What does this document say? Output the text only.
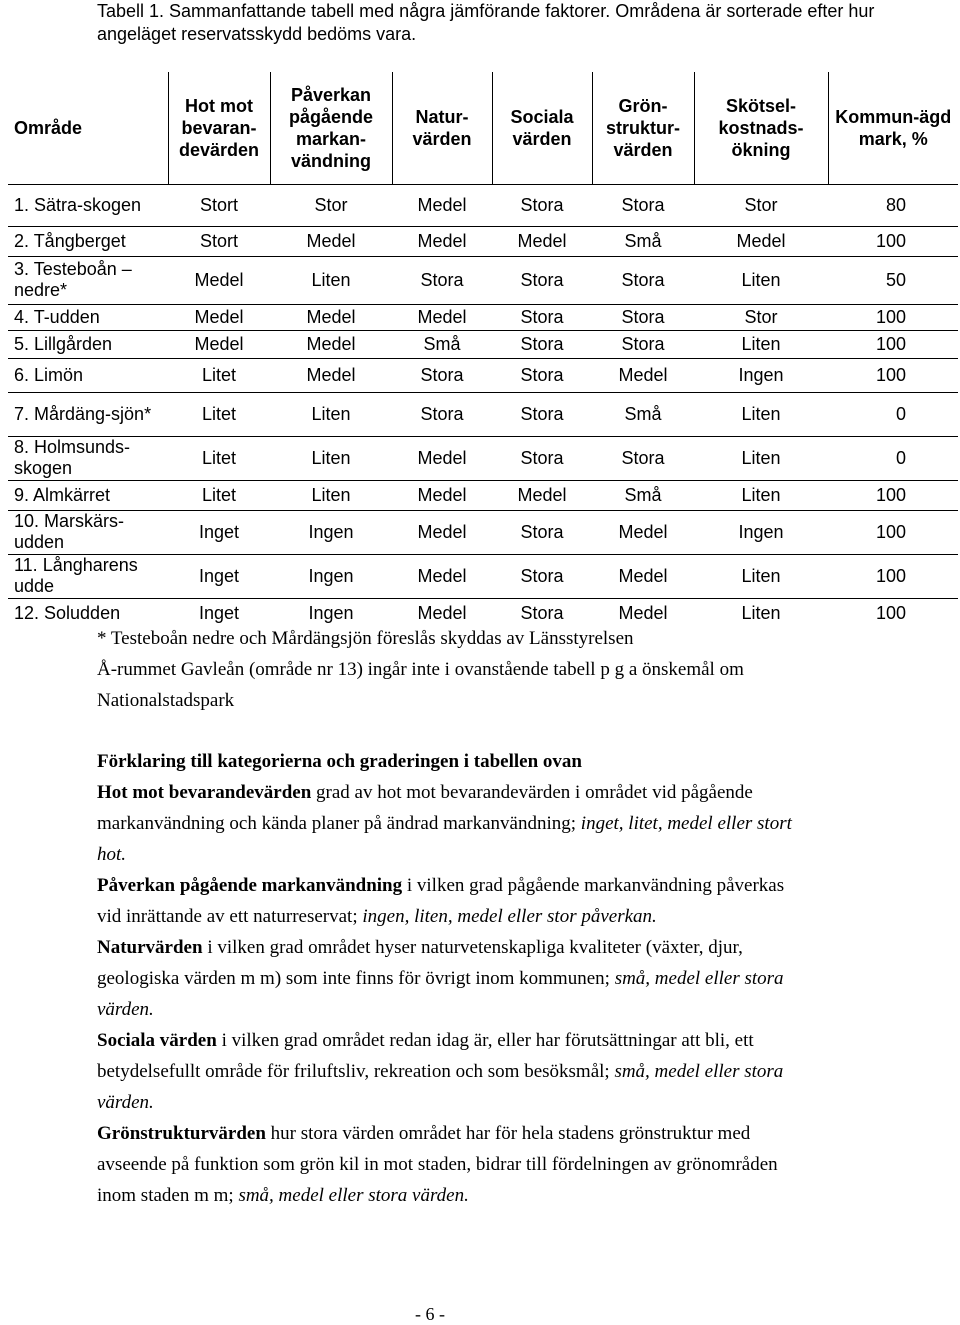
Tabell 1. Sammanfattande tabell med några jämförande faktorer. Områdena är sorterade efter hur angeläget reservatsskydd bedöms vara.
Område	Hot mot bevaran-devärden	Påverkan pågående markan-vändning	Natur-värden	Sociala värden	Grön-struktur-värden	Skötsel-kostnads-ökning	Kommun-ägd mark, %
1. Sätra-skogen	Stort	Stor	Medel	Stora	Stora	Stor	80
2. Tångberget	Stort	Medel	Medel	Medel	Små	Medel	100
3. Testeboån – nedre*	Medel	Liten	Stora	Stora	Stora	Liten	50
4. T-udden	Medel	Medel	Medel	Stora	Stora	Stor	100
5. Lillgården	Medel	Medel	Små	Stora	Stora	Liten	100
6. Limön	Litet	Medel	Stora	Stora	Medel	Ingen	100
7. Mårdäng-sjön*	Litet	Liten	Stora	Stora	Små	Liten	0
8. Holmsunds-skogen	Litet	Liten	Medel	Stora	Stora	Liten	0
9. Almkärret	Litet	Liten	Medel	Medel	Små	Liten	100
10. Marskärs-udden	Inget	Ingen	Medel	Stora	Medel	Ingen	100
11. Långharens udde	Inget	Ingen	Medel	Stora	Medel	Liten	100
12. Soludden	Inget	Ingen	Medel	Stora	Medel	Liten	100

* Testeboån nedre och Mårdängsjön föreslås skyddas av Länsstyrelsen

Å-rummet Gavleån (område nr 13) ingår inte i ovanstående tabell p g a önskemål om Nationalstadspark

Förklaring till kategorierna och graderingen i tabellen ovan

Hot mot bevarandevärden grad av hot mot bevarandevärden i området vid pågående markanvändning och kända planer på ändrad markanvändning; inget, litet, medel eller stort hot.

Påverkan pågående markanvändning i vilken grad pågående markanvändning påverkas vid inrättande av ett naturreservat; ingen, liten, medel eller stor påverkan.

Naturvärden i vilken grad området hyser naturvetenskapliga kvaliteter (växter, djur, geologiska värden m m) som inte finns för övrigt inom kommunen; små, medel eller stora värden.

Sociala värden i vilken grad området redan idag är, eller har förutsättningar att bli, ett betydelsefullt område för friluftsliv, rekreation och som besöksmål; små, medel eller stora värden.

Grönstrukturvärden hur stora värden området har för hela stadens grönstruktur med avseende på funktion som grön kil in mot staden, bidrar till fördelningen av grönområden inom staden m m; små, medel eller stora värden.

- 6 -
